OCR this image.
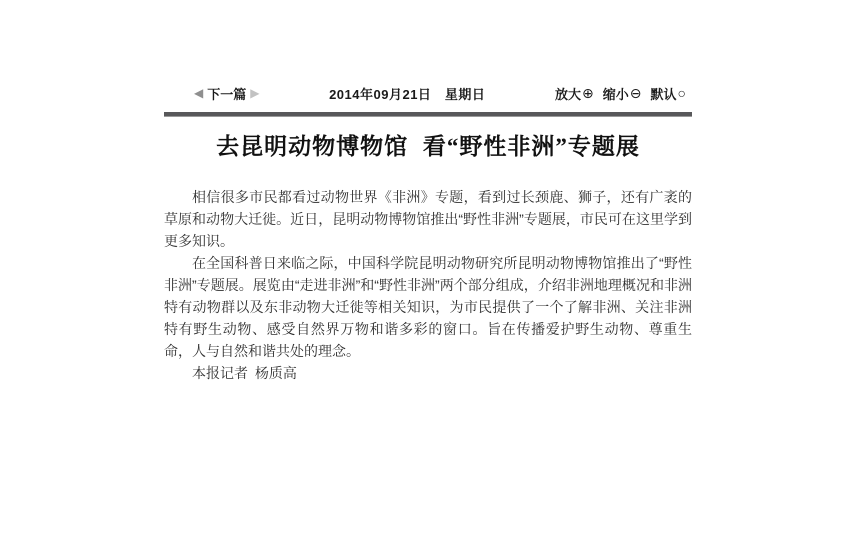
◀ 下一篇 ▶	2014年09月21日　星期日	放大 ⊕ 缩小 ⊖ 默认 ○
去昆明动物博物馆 看“野性非洲”专题展

相信很多市民都看过动物世界《非洲》专题，看到过长颈鹿、狮子，还有广袤的草原和动物大迁徙。近日，昆明动物博物馆推出“野性非洲”专题展，市民可在这里学到更多知识。

在全国科普日来临之际，中国科学院昆明动物研究所昆明动物博物馆推出了“野性非洲”专题展。展览由“走进非洲”和“野性非洲”两个部分组成，介绍非洲地理概况和非洲特有动物群以及东非动物大迁徙等相关知识，为市民提供了一个了解非洲、关注非洲特有野生动物、感受自然界万物和谐多彩的窗口。旨在传播爱护野生动物、尊重生命，人与自然和谐共处的理念。

本报记者 杨质高
